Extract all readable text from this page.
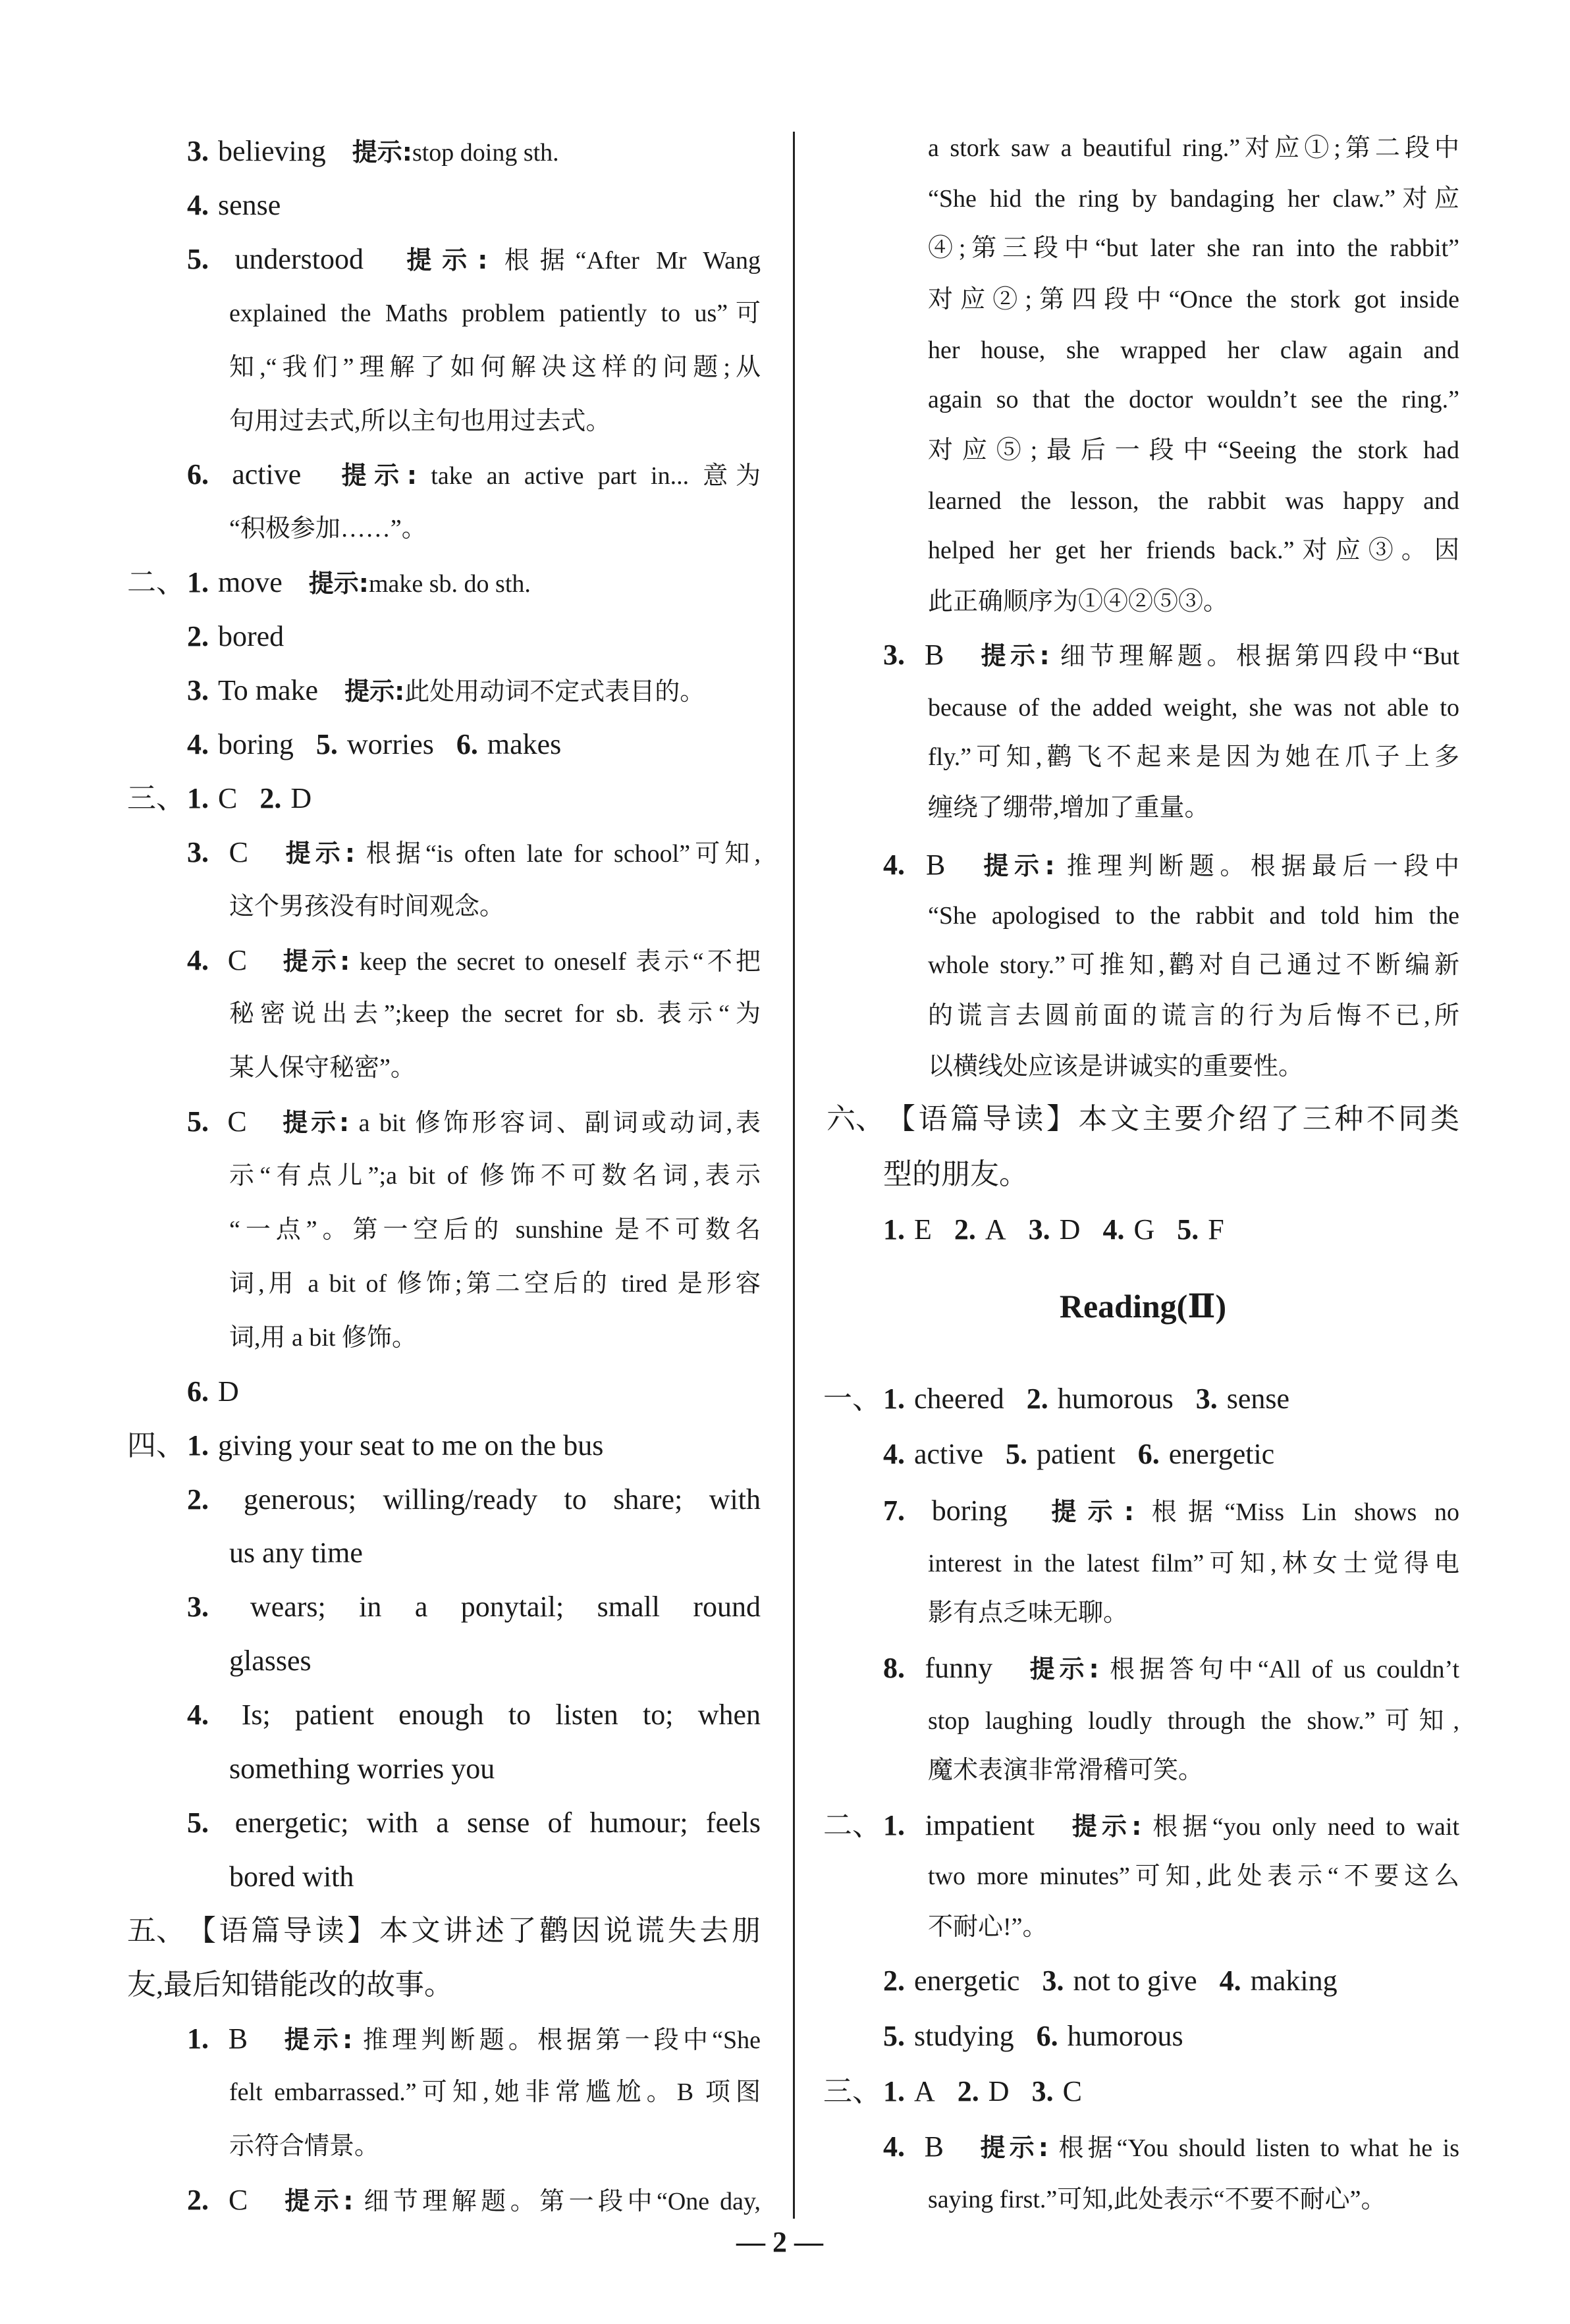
3. believing 提示:stop doing sth.
4. sense
5. understood 提示: 根据“After Mr Wang
explained the Maths problem patiently to us”可
知,“我们”理解了如何解决这样的问题;从
句用过去式,所以主句也用过去式。
6. active 提示: take an active part in... 意为
“积极参加……”。
二、 1. move 提示:make sb. do sth.
2. bored
3. To make 提示:此处用动词不定式表目的。
4. boring 5. worries 6. makes
三、 1. C 2. D
3. C 提示: 根据“is often late for school”可知,
这个男孩没有时间观念。
4. C 提示: keep the secret to oneself 表示“不把
秘密说出去”;keep the secret for sb. 表示“为
某人保守秘密”。
5. C 提示: a bit 修饰形容词、副词或动词,表
示“有点儿”;a bit of 修饰不可数名词,表示
“一点”。第一空后的 sunshine 是不可数名
词,用 a bit of 修饰;第二空后的 tired 是形容
词,用 a bit 修饰。
6. D
四、 1. giving your seat to me on the bus
2. generous; willing/ready to share; with
us any time
3. wears; in a ponytail; small round
glasses
4. Is; patient enough to listen to; when
something worries you
5. energetic; with a sense of humour; feels
bored with
五、 【语篇导读】本文讲述了鹳因说谎失去朋
友,最后知错能改的故事。
1. B 提示: 推理判断题。根据第一段中“She
felt embarrassed.”可知,她非常尴尬。B 项图
示符合情景。
2. C 提示: 细节理解题。第一段中“One day,
a stork saw a beautiful ring.”对应①;第二段中
“She hid the ring by bandaging her claw.”对应
④;第三段中“but later she ran into the rabbit”
对应②;第四段中“Once the stork got inside
her house, she wrapped her claw again and
again so that the doctor wouldn’t see the ring.”
对应⑤;最后一段中“Seeing the stork had
learned the lesson, the rabbit was happy and
helped her get her friends back.”对应③。因
此正确顺序为①④②⑤③。
3. B 提示: 细节理解题。根据第四段中“But
because of the added weight, she was not able to
fly.”可知,鹳飞不起来是因为她在爪子上多
缠绕了绷带,增加了重量。
4. B 提示: 推理判断题。根据最后一段中
“She apologised to the rabbit and told him the
whole story.”可推知,鹳对自己通过不断编新
的谎言去圆前面的谎言的行为后悔不已,所
以横线处应该是讲诚实的重要性。
六、 【语篇导读】本文主要介绍了三种不同类
型的朋友。
1. E 2. A 3. D 4. G 5. F
Reading(Ⅱ)
一、 1. cheered 2. humorous 3. sense
4. active 5. patient 6. energetic
7. boring 提示: 根据“Miss Lin shows no
interest in the latest film”可知,林女士觉得电
影有点乏味无聊。
8. funny 提示: 根据答句中“All of us couldn’t
stop laughing loudly through the show.”可知,
魔术表演非常滑稽可笑。
二、 1. impatient 提示: 根据“you only need to wait
two more minutes”可知,此处表示“不要这么
不耐心!”。
2. energetic 3. not to give 4. making
5. studying 6. humorous
三、 1. A 2. D 3. C
4. B 提示: 根据“You should listen to what he is
saying first.”可知,此处表示“不要不耐心”。
— 2 —
